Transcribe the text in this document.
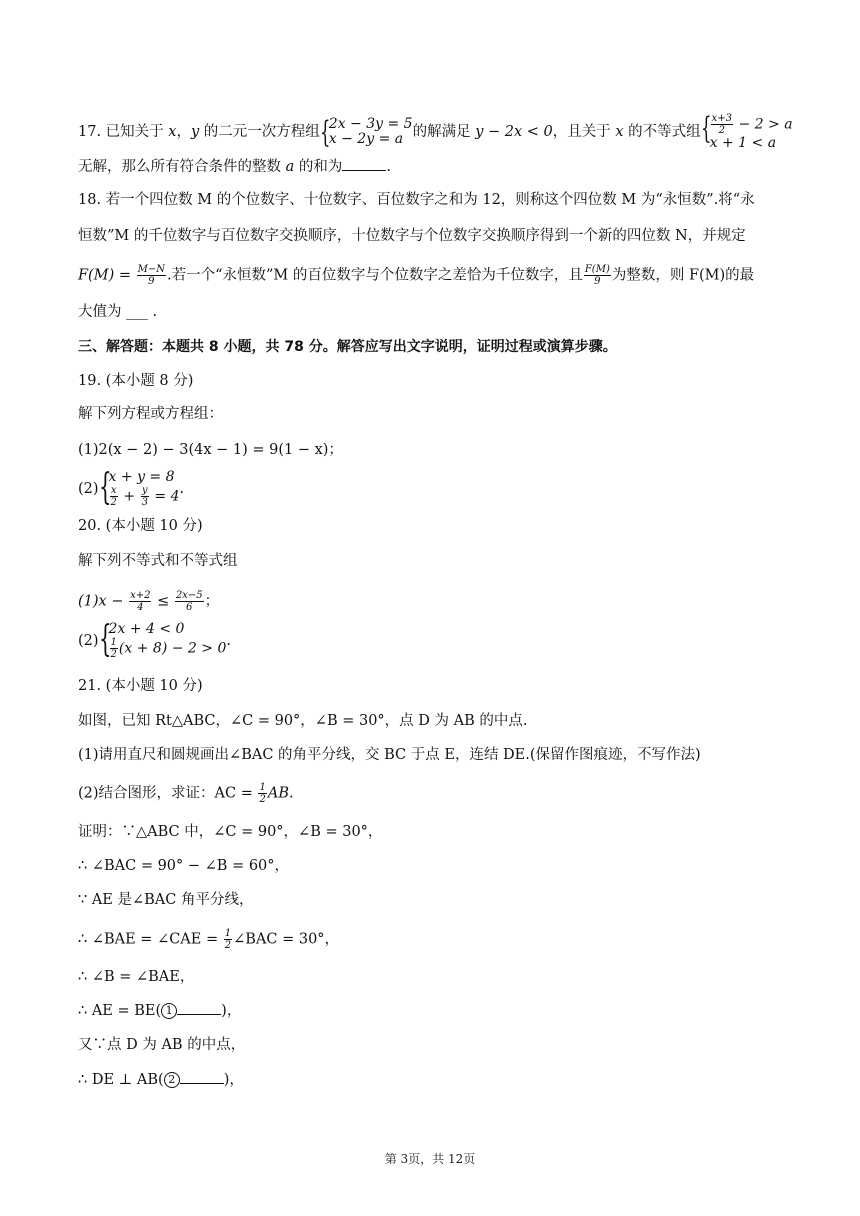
17. 已知关于 x，y 的二元一次方程组 {
2x − 3y = 5
x − 2y = a 的解满足 y − 2x < 0，且关于 x 的不等式组 { $\frac{x+3}{2} - 2 > a$
x + 1 < a
无解，那么所有符合条件的整数 a 的和为	.
18. 若一个四位数 M 的个位数字、十位数字、百位数字之和为 12，则称这个四位数 M 为“永恒数”.将“永
恒数”M 的千位数字与百位数字交换顺序，十位数字与个位数字交换顺序得到一个新的四位数 N，并规定
$F(M) = \frac{M-N}{9}$ .若一个“永恒数”M 的百位数字与个位数字之差恰为千位数字，且 $\frac{F(M)}{9}$ 为整数，则 F(M)的最
大值为 ___ .
三、解答题：本题共 8 小题，共 78 分。解答应写出文字说明，证明过程或演算步骤。
19. (本小题 8 分)
解下列方程或方程组：
(1)2(x − 2) − 3(4x − 1) = 9(1 − x)；
(2) {
x + y = 8
$\frac{x}{2} + \frac{y}{3} = 4$ .
20. (本小题 10 分)
解下列不等式和不等式组
$(1)x - \frac{x+2}{4} \le \frac{2x-5}{6}$ ；
(2) {
2x + 4 < 0
$\frac{1}{2} (x + 8) - 2 > 0$ .
21. (本小题 10 分)
如图，已知 Rt△ABC，∠C = 90°，∠B = 30°，点 D 为 AB 的中点.
(1)请用直尺和圆规画出∠BAC 的角平分线，交 BC 于点 E，连结 DE.(保留作图痕迹，不写作法)
(2)结合图形，求证：AC = $\frac{1}{2}$ AB.
证明：∵△ABC 中，∠C = 90°，∠B = 30°，
∴ ∠BAC = 90° − ∠B = 60°，
∵ AE 是∠BAC 角平分线，
∴ ∠BAE = ∠CAE = $\frac{1}{2}$ ∠BAC = 30°，
∴ ∠B = ∠BAE，
∴ AE = BE( 1	)，
又∵点 D 为 AB 的中点，
∴ DE ⊥ AB( 2	)，
第 3页，共 12页
